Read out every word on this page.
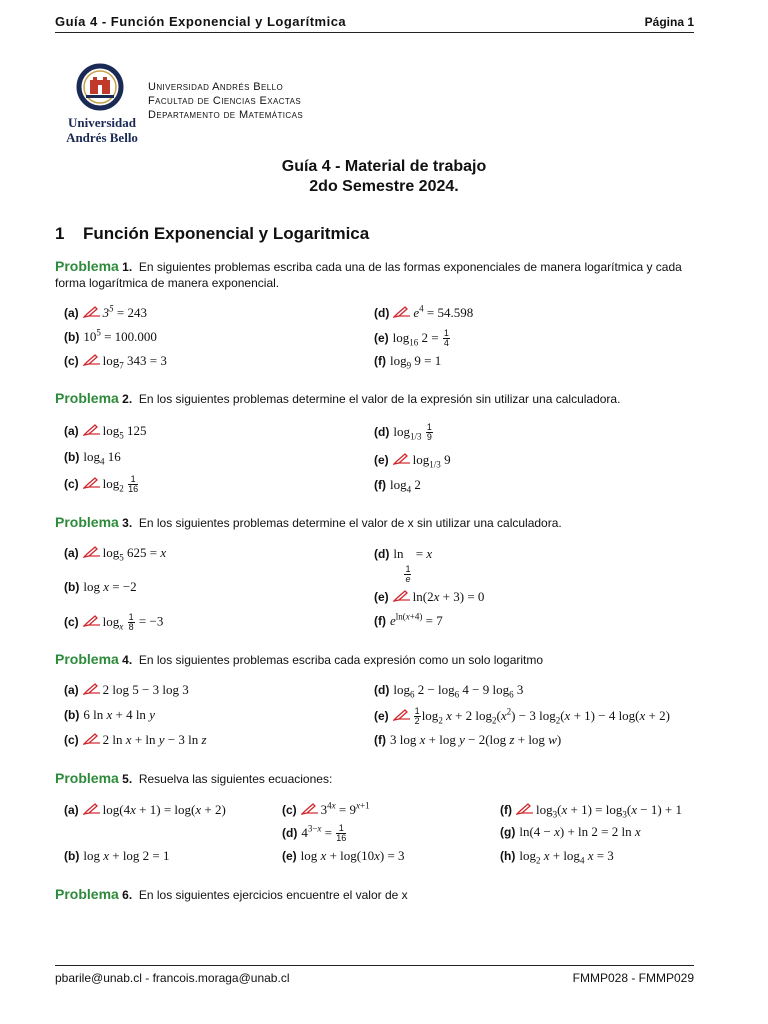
Guía 4 - Función Exponencial y Logarítmica	Página 1
Universidad
Andrés Bello
Universidad Andrés Bello
Facultad de Ciencias Exactas
Departamento de Matemáticas
Guía 4 - Material de trabajo
2do Semestre 2024.
1 Función Exponencial y Logaritmica
Problema 1. En siguientes problemas escriba cada una de las formas exponenciales de manera logarítmica y cada forma logarítmica de manera exponencial.
(a) $3^5 = 243$
(b) $10^5 = 100.000$
(c) $\log_7 343 = 3$
(d) $e^4 = 54.598$
(e) $\log_{16} 2 = \frac{1}{4}$
(f) $\log_9 9 = 1$
Problema 2. En los siguientes problemas determine el valor de la expresión sin utilizar una calculadora.
(a) $\log_5 125$
(b) $\log_4 16$
(c) $\log_2 \frac{1}{16}$
(d) $\log_{1/3} \frac{1}{9}$
(e) $\log_{1/3} 9$
(f) $\log_4 2$
Problema 3. En los siguientes problemas determine el valor de x sin utilizar una calculadora.
(a) $\log_5 625 = x$
(b) log x = −2
(c) $\log_x \frac{1}{8} = -3$
(d) ln
$\frac{1}{e}$
= x
(e) ln(2x + 3) = 0
(f) $e^{ln(x+4)} = 7$
Problema 4. En los siguientes problemas escriba cada expresión como un solo logaritmo
(a) 2 log 5 − 3 log 3
(b) 6 ln x + 4 ln y
(c) 2 ln x + ln y − 3 ln z
(d) $\log_6 2 - \log_6 4 - 9$ $\log_6 3$
(e)	$\frac{1}{2} \log_2 x + 2$ $\log_2(x^2) - 3$ $\log_2(x + 1) - 4$ log(x + 2)
(f) 3 log x + log y − 2(log z + log w)
Problema 5. Resuelva las siguientes ecuaciones:
(a) log(4x + 1) = log(x + 2)
(b) log x + log 2 = 1
(c) $3^{4x} = 9^{x+1}$
(d) $4^{3-x} = \frac{1}{16}$
(e) log x + log(10x) = 3
(f) $\log_3(x + 1) = \log_3(x - 1) + 1$
(g) ln(4 − x) + ln 2 = 2 ln x
(h) $\log_2 x + \log_4 x = 3$
Problema 6. En los siguientes ejercicios encuentre el valor de x
pbarile@unab.cl - francois.moraga@unab.cl	FMMP028 - FMMP029
